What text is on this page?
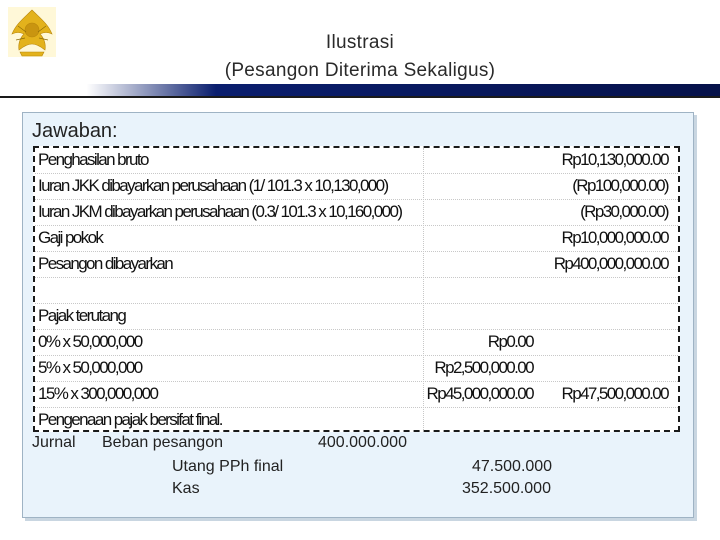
Ilustrasi
(Pesangon Diterima Sekaligus)
Jawaban:
Penghasilan bruto	Rp10,130,000.00
Iuran JKK dibayarkan perusahaan (1/ 101.3 x 10,130,000)	(Rp100,000.00)
Iuran JKM dibayarkan perusahaan (0.3/ 101.3 x 10,160,000)	(Rp30,000.00)
Gaji pokok	Rp10,000,000.00
Pesangon dibayarkan	Rp400,000,000.00
Pajak terutang
0% x 50,000,000	Rp0.00
5% x 50,000,000	Rp2,500,000.00
15% x 300,000,000	Rp45,000,000.00 Rp47,500,000.00
Pengenaan pajak bersifat final.
Jurnal Beban pesangon	400.000.000
Utang PPh final	47.500.000
Kas	352.500.000
